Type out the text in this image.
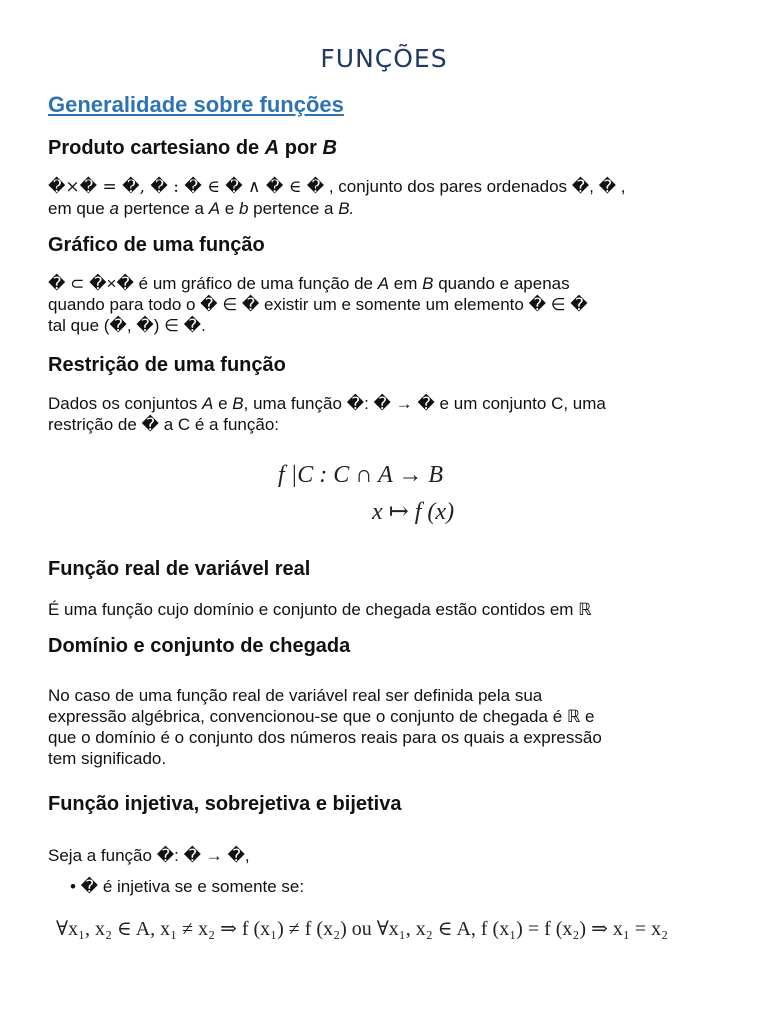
FUNÇÕES
Generalidade sobre funções
Produto cartesiano de A por B
�×� = �, � : � ∈ � ∧ � ∈ � , conjunto dos pares ordenados �, � ,
em que a pertence a A e b pertence a B.
Gráfico de uma função
� ⊂ �×� é um gráfico de uma função de A em B quando e apenas
quando para todo o � ∈ � existir um e somente um elemento � ∈ �
tal que (�, �) ∈ �.
Restrição de uma função
Dados os conjuntos A e B, uma função �: � → � e um conjunto C, uma
restrição de � a C é a função:
f |C : C ∩ A → B
x ↦ f (x)
Função real de variável real
É uma função cujo domínio e conjunto de chegada estão contidos em ℝ
Domínio e conjunto de chegada
No caso de uma função real de variável real ser definida pela sua
expressão algébrica, convencionou-se que o conjunto de chegada é ℝ e
que o domínio é o conjunto dos números reais para os quais a expressão
tem significado.
Função injetiva, sobrejetiva e bijetiva
Seja a função �: � → �,
• � é injetiva se e somente se:
∀x₁, x₂ ∈ A, x₁ ≠ x₂ ⇒ f (x₁) ≠ f (x₂) ou ∀x₁, x₂ ∈ A, f (x₁) = f (x₂) ⇒ x₁ = x₂
